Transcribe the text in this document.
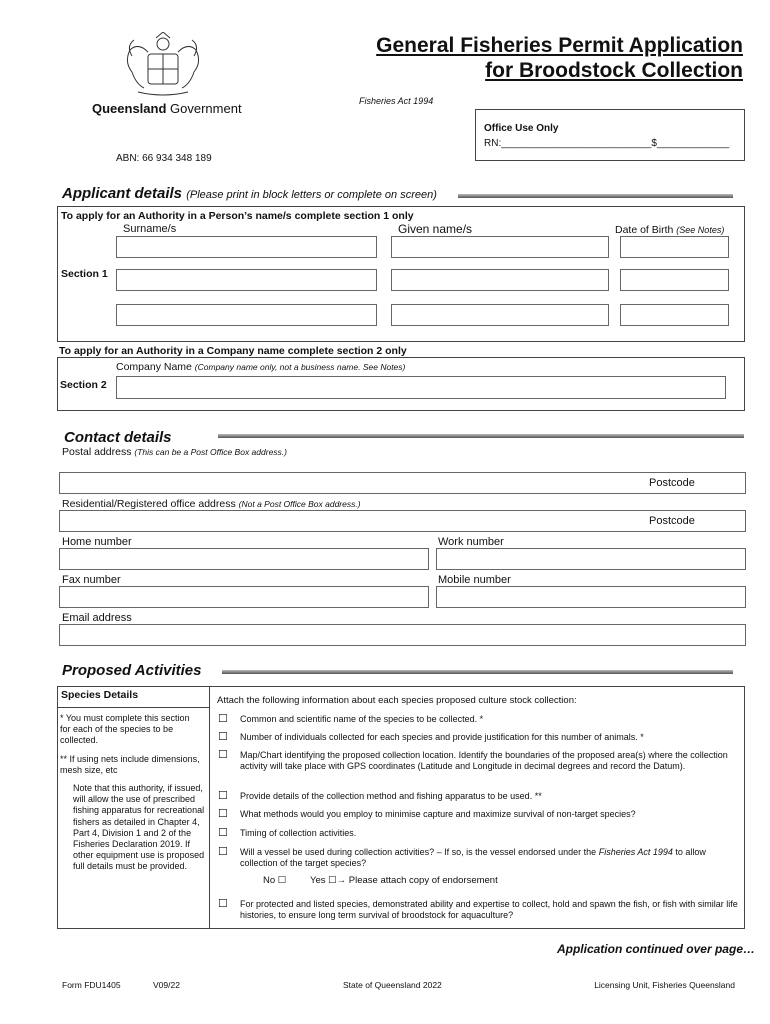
Queensland Government
General Fisheries Permit Application
for Broodstock Collection
Fisheries Act 1994
Office Use Only
RN:___________________________$_____________
ABN: 66 934 348 189
Applicant details (Please print in block letters or complete on screen)
To apply for an Authority in a Person’s name/s complete section 1 only
Surname/s	Given name/s	Date of Birth (See Notes)
Section 1
To apply for an Authority in a Company name complete section 2 only
Company Name (Company name only, not a business name. See Notes)
Section 2
Contact details
Postal address (This can be a Post Office Box address.)
Postcode
Residential/Registered office address (Not a Post Office Box address.)
Postcode
Home number	Work number
Fax number	Mobile number
Email address
Proposed Activities
Species Details	Attach the following information about each species proposed culture stock collection:
* You must complete this section for each of the species to be collected.
** If using nets include dimensions, mesh size, etc
Note that this authority, if issued, will allow the use of prescribed fishing apparatus for recreational fishers as detailed in Chapter 4, Part 4, Division 1 and 2 of the Fisheries Declaration 2019. If other equipment use is proposed full details must be provided.
☐ Common and scientific name of the species to be collected. *
☐ Number of individuals collected for each species and provide justification for this number of animals. *
☐ Map/Chart identifying the proposed collection location. Identify the boundaries of the proposed area(s) where the collection activity will take place with GPS coordinates (Latitude and Longitude in decimal degrees and record the Datum).
☐ Provide details of the collection method and fishing apparatus to be used. **
☐ What methods would you employ to minimise capture and maximize survival of non-target species?
☐ Timing of collection activities.
☐ Will a vessel be used during collection activities? – If so, is the vessel endorsed under the Fisheries Act 1994 to allow collection of the target species?
No ☐ Yes ☐→ Please attach copy of endorsement
☐ For protected and listed species, demonstrated ability and expertise to collect, hold and spawn the fish, or fish with similar life histories, to ensure long term survival of broodstock for aquaculture?
Application continued over page…
Form FDU1405	V09/22	State of Queensland 2022	Licensing Unit, Fisheries Queensland
